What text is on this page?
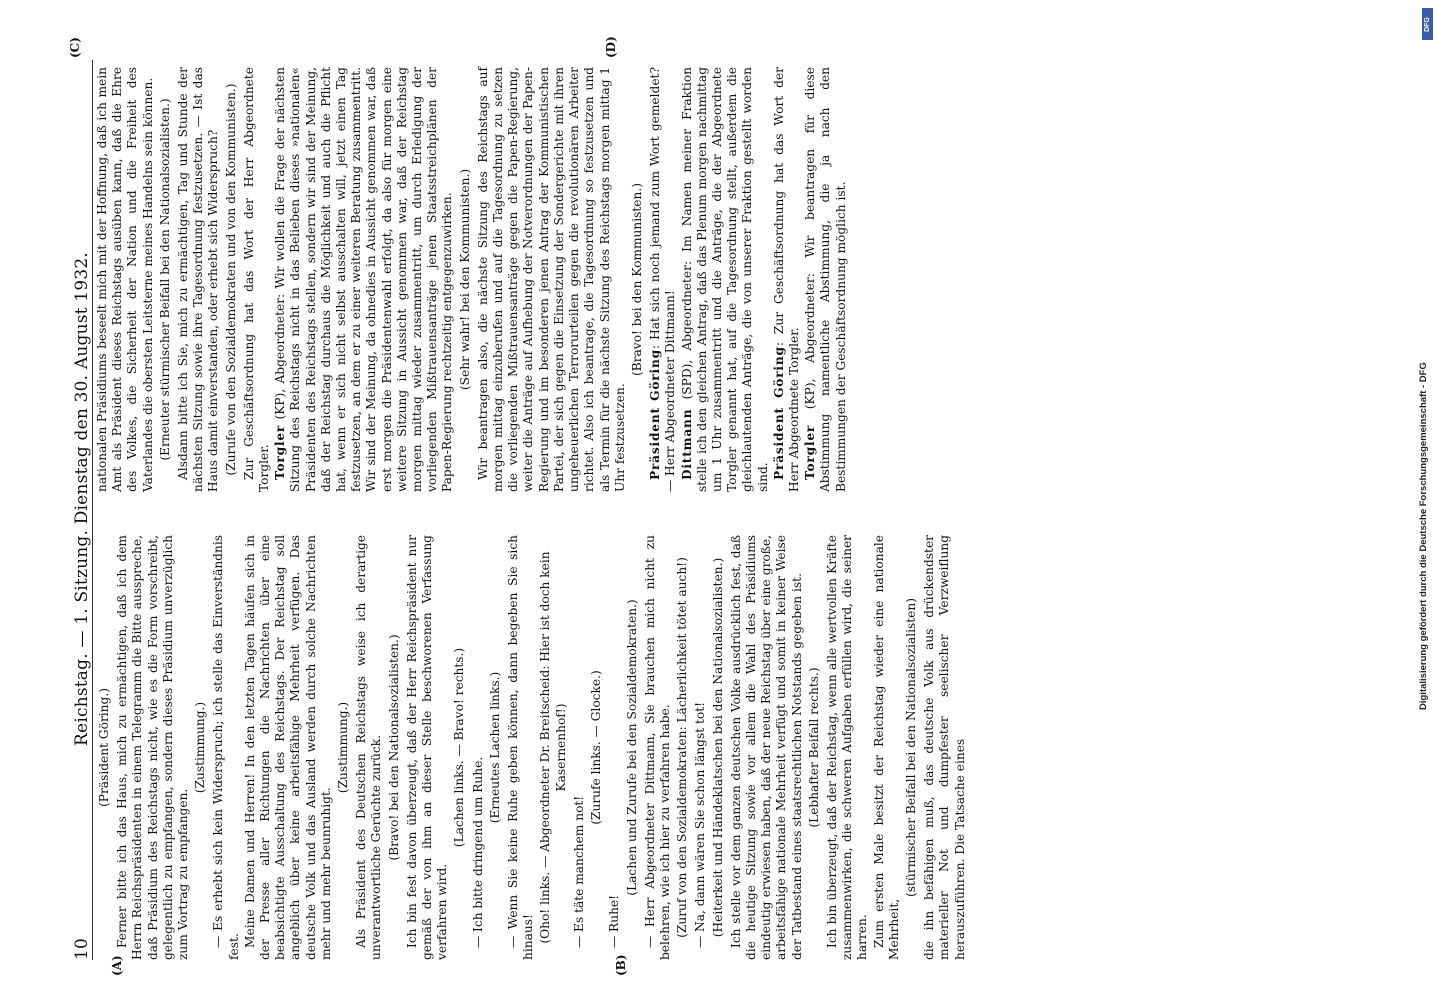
10
Reichstag. — 1. Sitzung. Dienstag den 30. August 1932.
(A)	(B)
(C)	(D)

(Präsident Göring.) Ferner bitte ich das Haus, mich zu ermächtigen, daß ich dem Herrn Reichspräsidenten in einem Telegramm die Bitte ausspreche, daß Präsidium des Reichstags nicht, wie es die Form vorschreibt, gelegentlich zu empfangen, sondern dieses Präsidium unverzüglich zum Vortrag zu empfangen.

(Zustimmung.) — Es erhebt sich kein Widerspruch; ich stelle das Einverständnis fest. Meine Damen und Herren! In den letzten Tagen häufen sich in der Presse aller Richtungen die Nachrichten über eine beabsichtigte Ausschaltung des Reichstags. Der Reichstag soll angeblich über keine arbeitsfähige Mehrheit verfügen. Das deutsche Volk und das Ausland werden durch solche Nachrichten mehr und mehr beunruhigt.

(Zustimmung.) Als Präsident des Deutschen Reichstags weise ich derartige unverantwortliche Gerüchte zurück. (Bravo! bei den Nationalsozialisten.) Ich bin fest davon überzeugt, daß der Herr Reichspräsident nur gemäß der von ihm an dieser Stelle beschworenen Verfassung verfahren wird.

(Lachen links. — Bravo! rechts.)

— Ich bitte dringend um Ruhe.

(Erneutes Lachen links.) — Wenn Sie keine Ruhe geben können, dann begeben Sie sich hinaus! (Oho! links. — Abgeordneter Dr. Breitscheid: Hier ist doch kein Kasernenhof!)

— Es täte manchem not!

(Zurufe links. — Glocke.)

— Ruhe!

(Lachen und Zurufe bei den Sozialdemokraten.) — Herr Abgeordneter Dittmann, Sie brauchen mich nicht zu belehren, wie ich hier zu verfahren habe. (Zuruf von den Sozialdemokraten: Lächerlichkeit tötet auch!) — Na, dann wären Sie schon längst tot! (Heiterkeit und Händeklatschen bei den Nationalsozialisten.) Ich stelle vor dem ganzen deutschen Volke ausdrücklich fest, daß die heutige Sitzung sowie vor allem die Wahl des Präsidiums eindeutig erwiesen haben, daß der neue Reichstag über eine große, arbeitsfähige nationale Mehrheit verfügt und somit in keiner Weise der Tatbestand eines staatsrechtlichen Notstands gegeben ist. (Lebhafter Beifall rechts.) Ich bin überzeugt, daß der Reichstag, wenn alle wertvollen Kräfte zusammenwirken, die schweren Aufgaben erfüllen wird, die seiner harren. Zum ersten Male besitzt der Reichstag wieder eine nationale Mehrheit,

(stürmischer Beifall bei den Nationalsozialisten) die ihn befähigen muß, das deutsche Volk aus drückendster materieller Not und dumpfester seelischer Verzweiflung herauszuführen. Die Tatsache eines

nationalen Präsidiums beseelt mich mit der Hoffnung, daß ich mein Amt als Präsident dieses Reichstags ausüben kann, daß die Ehre des Volkes, die Sicherheit der Nation und die Freiheit des Vaterlandes die obersten Leitsterne meines Handelns sein können. (Erneuter stürmischer Beifall bei den Nationalsozialisten.) Alsdann bitte ich Sie, mich zu ermächtigen, Tag und Stunde der nächsten Sitzung sowie ihre Tagesordnung festzusetzen. — Ist das Haus damit einverstanden, oder erhebt sich Widerspruch? (Zurufe von den Sozialdemokraten und von den Kommunisten.) Zur Geschäftsordnung hat das Wort der Herr Abgeordnete Torgler. Torgler (KP), Abgeordneter: Wir wollen die Frage der nächsten Sitzung des Reichstags nicht in das Belieben dieses »nationalen« Präsidenten des Reichstags stellen, sondern wir sind der Meinung, daß der Reichstag durchaus die Möglichkeit und auch die Pflicht hat, wenn er sich nicht selbst ausschalten will, jetzt einen Tag festzusetzen, an dem er zu einer weiteren Beratung zusammentritt. Wir sind der Meinung, da ohnedies in Aussicht genommen war, daß erst morgen die Präsidentenwahl erfolgt, da also für morgen eine weitere Sitzung in Aussicht genommen war, daß der Reichstag morgen mittag wieder zusammentritt, um durch Erledigung der vorliegenden Mißtrauensanträge jenen Staatsstreichplänen der Papen-Regierung rechtzeitig entgegenzuwirken. (Sehr wahr! bei den Kommunisten.) Wir beantragen also, die nächste Sitzung des Reichstags auf morgen mittag einzuberufen und auf die Tagesordnung zu setzen die vorliegenden Mißtrauensanträge gegen die Papen-Regierung, weiter die Anträge auf Aufhebung der Notverordnungen der Papen-Regierung und im besonderen jenen Antrag der Kommunistischen Partei, der sich gegen die Einsetzung der Sondergerichte mit ihren ungeheuerlichen Terrorurteilen gegen die revolutionären Arbeiter richtet. Also ich beantrage, die Tagesordnung so festzusetzen und als Termin für die nächste Sitzung des Reichstags morgen mittag 1 Uhr festzusetzen.

(Bravo! bei den Kommunisten.)

Präsident Göring: Hat sich noch jemand zum Wort gemeldet? — Herr Abgeordneter Dittmann! Dittmann (SPD), Abgeordneter: Im Namen meiner Fraktion stelle ich den gleichen Antrag, daß das Plenum morgen nachmittag um 1 Uhr zusammentritt und die Anträge, die der Abgeordnete Torgler genannt hat, auf die Tagesordnung stellt, außerdem die gleichlautenden Anträge, die von unserer Fraktion gestellt worden sind. Präsident Göring: Zur Geschäftsordnung hat das Wort der Herr Abgeordnete Torgler. Torgler (KP), Abgeordneter: Wir beantragen für diese Abstimmung namentliche Abstimmung, die ja nach den Bestimmungen der Geschäftsordnung möglich ist.

Digitalisierung gefördert durch die Deutsche Forschungsgemeinschaft - DFG
DFG
